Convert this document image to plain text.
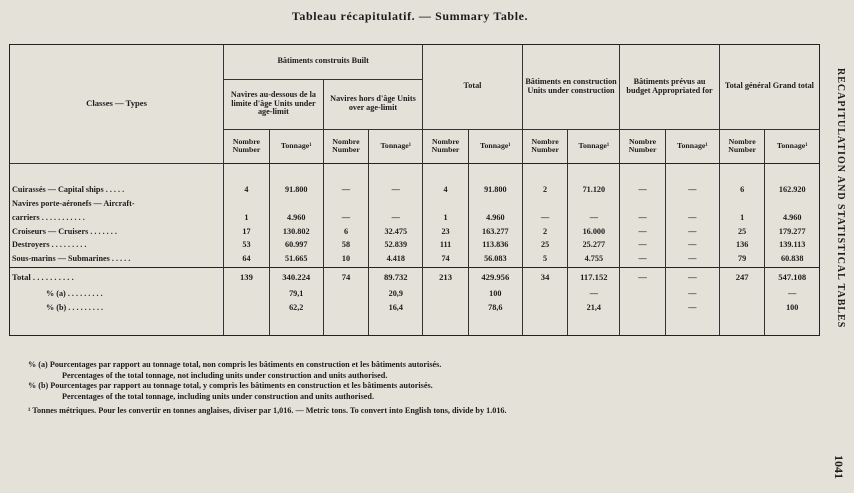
Tableau récapitulatif. — Summary Table.
Classes — Types	Bâtiments construits Built				Total		Bâtiments en construction Units under construction		Bâtiments prévus au budget Appropriated for		Total général Grand total	
	Navires au-dessous de la limite d'âge Units under age-limit		Navires hors d'âge Units over age-limit									
	Nombre Number	Tonnage¹	Nombre Number	Tonnage¹	Nombre Number	Tonnage¹	Nombre Number	Tonnage¹	Nombre Number	Tonnage¹	Nombre Number	Tonnage¹

Cuirassés — Capital ships . . . . .	4	91.800	—	—	4	91.800	2	71.120	—	—	6	162.920
Navires porte-aéronefs — Aircraft-												
carriers . . . . . . . . . . .	1	4.960	—	—	1	4.960	—	—	—	—	1	4.960
Croiseurs — Cruisers . . . . . . .	17	130.802	6	32.475	23	163.277	2	16.000	—	—	25	179.277
Destroyers . . . . . . . . .	53	60.997	58	52.839	111	113.836	25	25.277	—	—	136	139.113
Sous-marins — Submarines . . . . .	64	51.665	10	4.418	74	56.083	5	4.755	—	—	79	60.838
Total . . . . . . . . . .	139	340.224	74	89.732	213	429.956	34	117.152	—	—	247	547.108
% (a) . . . . . . . . .		79,1		20,9		100		—		—		—
% (b) . . . . . . . . .		62,2		16,4		78,6		21,4		—		100

% (a) Pourcentages par rapport au tonnage total, non compris les bâtiments en construction et les bâtiments autorisés.
Percentages of the total tonnage, not including units under construction and units authorised.
% (b) Pourcentages par rapport au tonnage total, y compris les bâtiments en construction et les bâtiments autorisés.
Percentages of the total tonnage, including units under construction and units authorised.
¹ Tonnes métriques. Pour les convertir en tonnes anglaises, diviser par 1,016. — Metric tons. To convert into English tons, divide by 1.016.
RECAPITULATION AND STATISTICAL TABLES
1041
